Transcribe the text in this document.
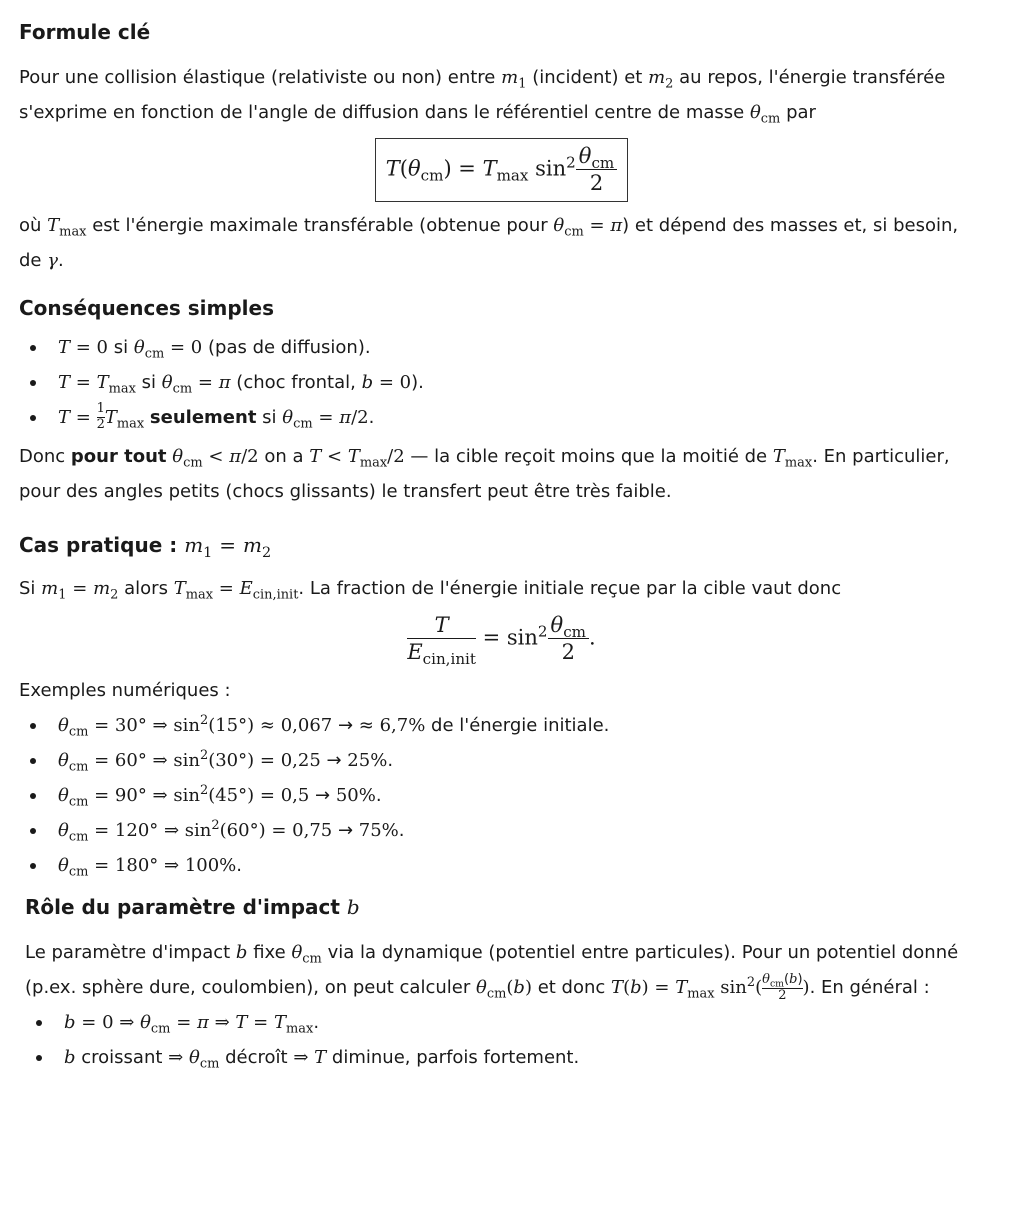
Formule clé

Pour une collision élastique (relativiste ou non) entre $m_1$ (incident) et $m_2$ au repos, l'énergie transférée s'exprime en fonction de l'angle de diffusion dans le référentiel centre de masse $\theta_{cm}$ par

$T(\theta_{cm}) = T_{max}$ $\sin^2 \frac{\theta_{cm}}{2}$

où $T_{max}$ est l'énergie maximale transférable (obtenue pour $\theta_{cm} = \pi$) et dépend des masses et, si besoin, de γ.

Conséquences simples
T = 0 si $\theta_{cm} = 0$ (pas de diffusion).
$T = T_{max}$ si $\theta_{cm} = \pi$ (choc frontal, b = 0).
$T = \frac{1}{2} T_{max}$ seulement si $\theta_{cm} = \pi/2$.

Donc pour tout $\theta_{cm} < \pi/2$ on a $T < T_{max}/2$ — la cible reçoit moins que la moitié de $T_{max}$. En particulier, pour des angles petits (chocs glissants) le transfert peut être très faible.

Cas pratique : $m_1 = m_2$

Si $m_1 = m_2$ alors $T_{max} = E_{cin,init}$. La fraction de l'énergie initiale reçue par la cible vaut donc

$\frac{T}{E_{cin,init}} = \sin^2 \frac{\theta_{cm}}{2}$ .

Exemples numériques :

$\theta_{cm} = 30^\circ$ ⇒ $\sin^2(15^\circ) \approx 0,067$ → ≈ 6,7% de l'énergie initiale.
$\theta_{cm} = 60^\circ$ ⇒ $\sin^2(30^\circ) = 0,25 \to 25\%$.
$\theta_{cm} = 90^\circ$ ⇒ $\sin^2(45^\circ) = 0,5 \to 50\%$.
$\theta_{cm} = 120^\circ$ ⇒ $\sin^2(60^\circ) = 0,75 \to 75\%$.
$\theta_{cm} = 180^\circ$ ⇒ 100%.
Rôle du paramètre d'impact b

Le paramètre d'impact b fixe $\theta_{cm}$ via la dynamique (potentiel entre particules). Pour un potentiel donné (p.ex. sphère dure, coulombien), on peut calculer $\theta_{cm}(b)$ et donc $T(b) = T_{max}$ $\sin^2( \frac{\theta_{cm}(b)}{2}$ ). En général :

b = 0 ⇒ $\theta_{cm} = \pi$ ⇒ $T = T_{max}$.
b croissant ⇒ $\theta_{cm}$ décroît ⇒ T diminue, parfois fortement.
